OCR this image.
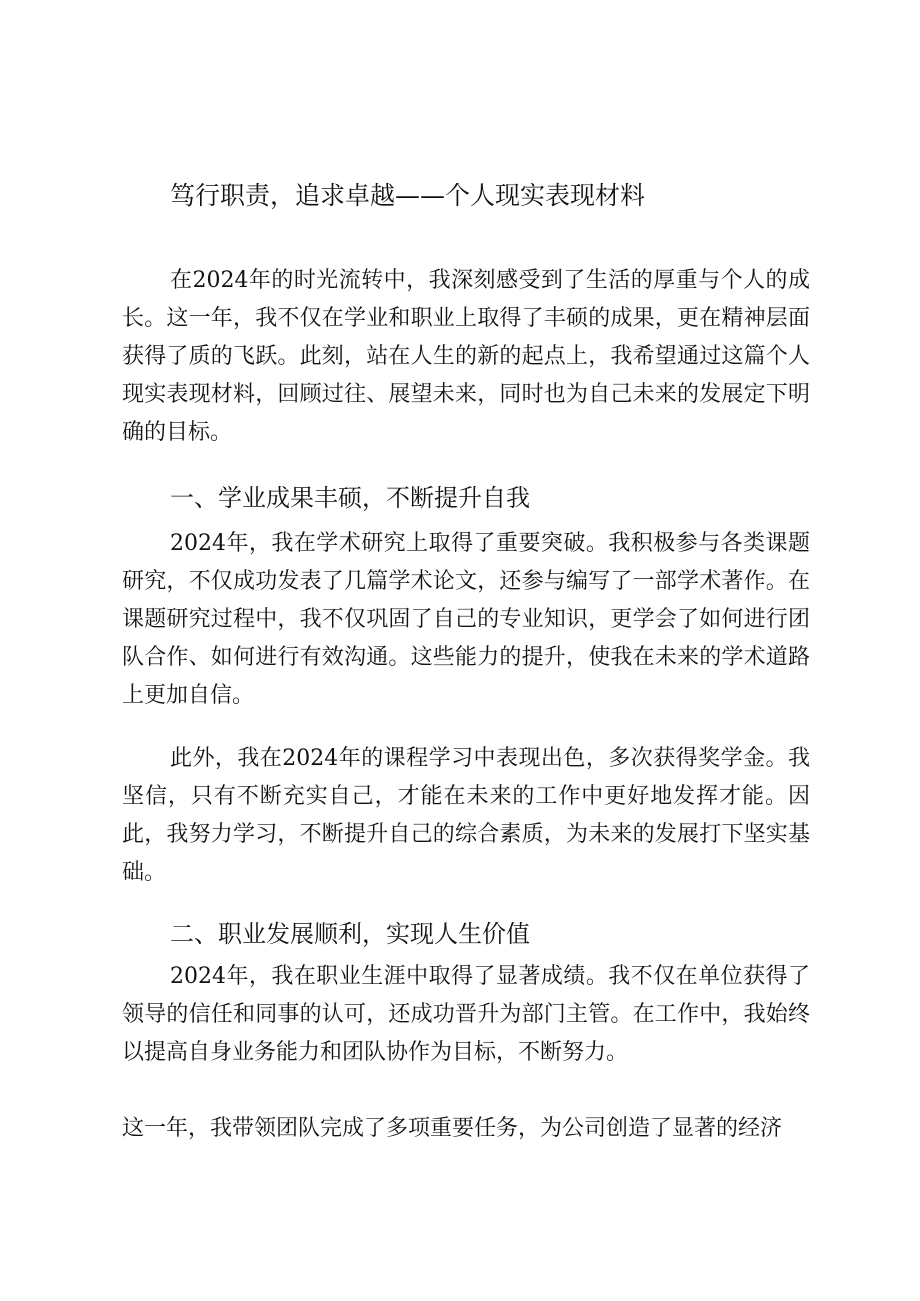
笃行职责，追求卓越——个人现实表现材料

在2024年的时光流转中，我深刻感受到了生活的厚重与个人的成长。这一年，我不仅在学业和职业上取得了丰硕的成果，更在精神层面获得了质的飞跃。此刻，站在人生的新的起点上，我希望通过这篇个人现实表现材料，回顾过往、展望未来，同时也为自己未来的发展定下明确的目标。

一、学业成果丰硕，不断提升自我

2024年，我在学术研究上取得了重要突破。我积极参与各类课题研究，不仅成功发表了几篇学术论文，还参与编写了一部学术著作。在课题研究过程中，我不仅巩固了自己的专业知识，更学会了如何进行团队合作、如何进行有效沟通。这些能力的提升，使我在未来的学术道路上更加自信。

此外，我在2024年的课程学习中表现出色，多次获得奖学金。我坚信，只有不断充实自己，才能在未来的工作中更好地发挥才能。因此，我努力学习，不断提升自己的综合素质，为未来的发展打下坚实基础。

二、职业发展顺利，实现人生价值

2024年，我在职业生涯中取得了显著成绩。我不仅在单位获得了领导的信任和同事的认可，还成功晋升为部门主管。在工作中，我始终以提高自身业务能力和团队协作为目标，不断努力。

这一年，我带领团队完成了多项重要任务，为公司创造了显著的经济
